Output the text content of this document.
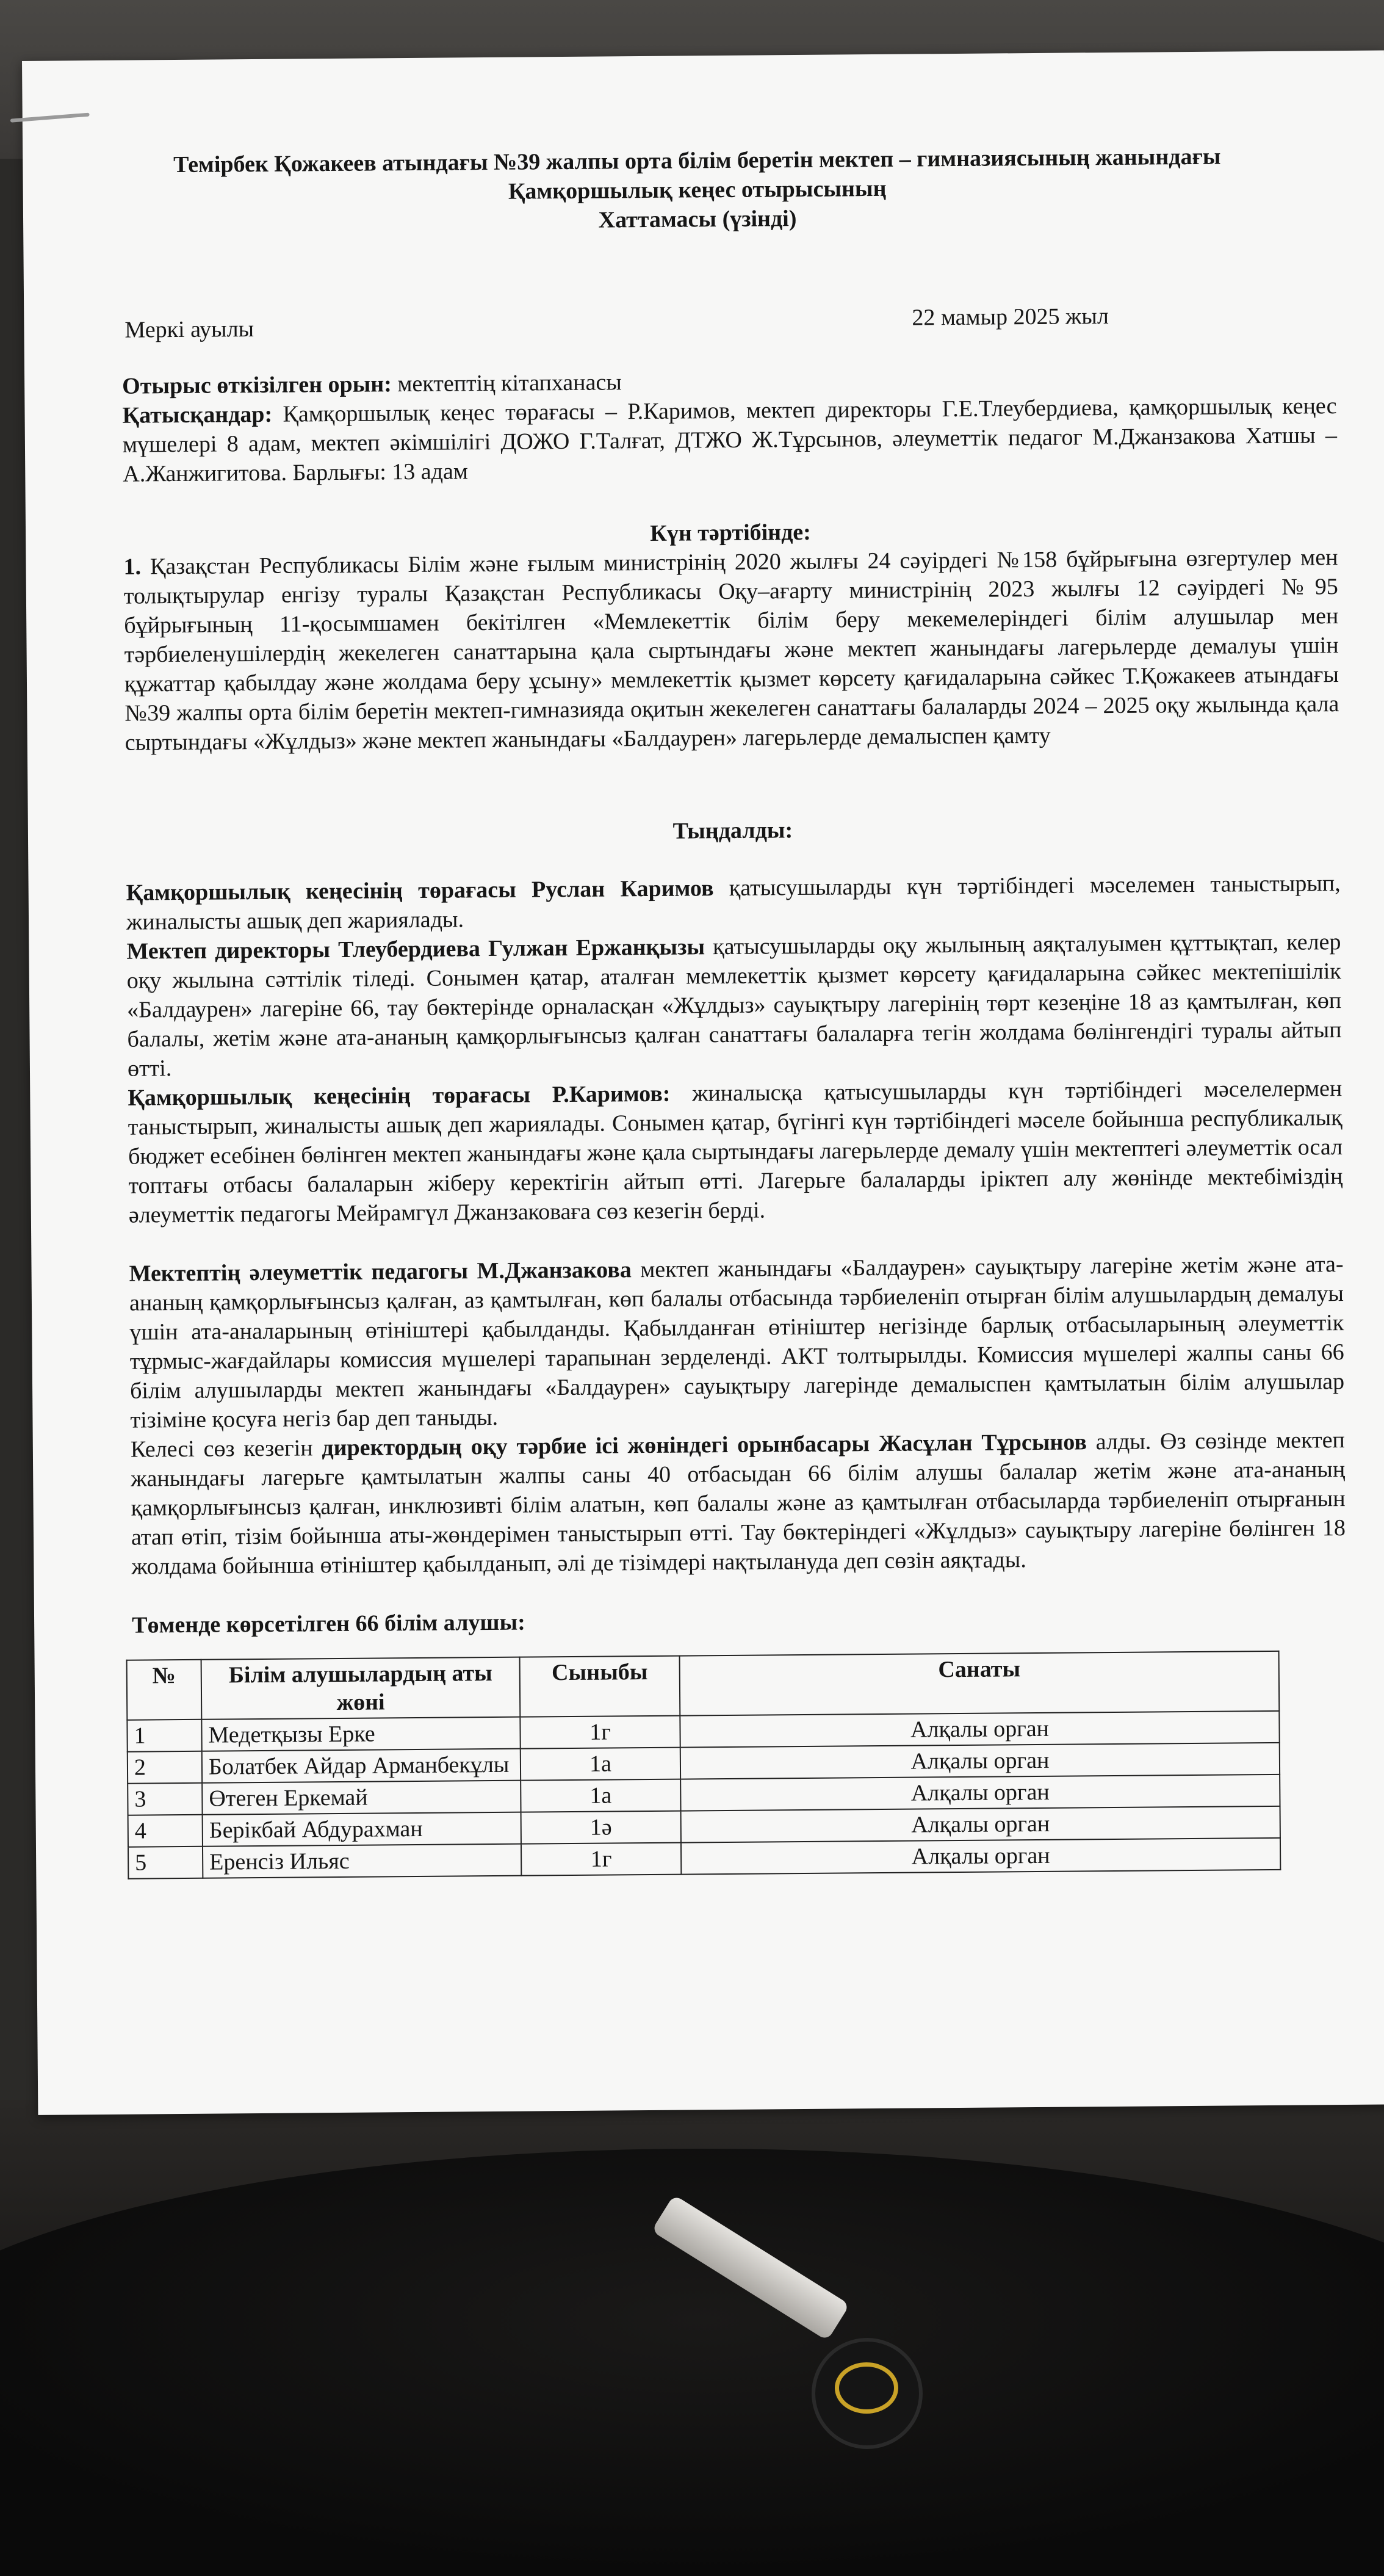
Темірбек Қожакеев атындағы №39 жалпы орта білім беретін мектеп – гимназиясының жанындағы
Қамқоршылық кеңес отырысының
Хаттамасы (үзінді)
Меркі ауылы	22 мамыр 2025 жыл
Отырыс өткізілген орын: мектептің кітапханасы
Қатысқандар: Қамқоршылық кеңес төрағасы – Р.Каримов, мектеп директоры Г.Е.Тлеубердиева, қамқоршылық кеңес мүшелері 8 адам, мектеп әкімшілігі ДОЖО Г.Талғат, ДТЖО Ж.Тұрсынов, әлеуметтік педагог М.Джанзакова Хатшы – А.Жанжигитова. Барлығы: 13 адам
Күн тәртібінде:
1. Қазақстан Республикасы Білім және ғылым министрінің 2020 жылғы 24 сәуірдегі №158 бұйрығына өзгертулер мен толықтырулар енгізу туралы Қазақстан Республикасы Оқу–ағарту министрінің 2023 жылғы 12 сәуірдегі №95 бұйрығының 11-қосымшамен бекітілген «Мемлекеттік білім беру мекемелеріндегі білім алушылар мен тәрбиеленушілердің жекелеген санаттарына қала сыртындағы және мектеп жанындағы лагерьлерде демалуы үшін құжаттар қабылдау және жолдама беру ұсыну» мемлекеттік қызмет көрсету қағидаларына сәйкес Т.Қожакеев атындағы №39 жалпы орта білім беретін мектеп-гимназияда оқитын жекелеген санаттағы балаларды 2024 – 2025 оқу жылында қала сыртындағы «Жұлдыз» және мектеп жанындағы «Балдаурен» лагерьлерде демалыспен қамту
Тыңдалды:
Қамқоршылық кеңесінің төрағасы Руслан Каримов қатысушыларды күн тәртібіндегі мәселемен таныстырып, жиналысты ашық деп жариялады.
Мектеп директоры Тлеубердиева Гулжан Ержанқызы қатысушыларды оқу жылының аяқталуымен құттықтап, келер оқу жылына сәттілік тіледі. Сонымен қатар, аталған мемлекеттік қызмет көрсету қағидаларына сәйкес мектепішілік «Балдаурен» лагеріне 66, тау бөктерінде орналасқан «Жұлдыз» сауықтыру лагерінің төрт кезеңіне 18 аз қамтылған, көп балалы, жетім және ата-ананың қамқорлығынсыз қалған санаттағы балаларға тегін жолдама бөлінгендігі туралы айтып өтті.
Қамқоршылық кеңесінің төрағасы Р.Каримов: жиналысқа қатысушыларды күн тәртібіндегі мәселелермен таныстырып, жиналысты ашық деп жариялады. Сонымен қатар, бүгінгі күн тәртібіндегі мәселе бойынша республикалық бюджет есебінен бөлінген мектеп жанындағы және қала сыртындағы лагерьлерде демалу үшін мектептегі әлеуметтік осал топтағы отбасы балаларын жіберу керектігін айтып өтті. Лагерьге балаларды іріктеп алу жөнінде мектебіміздің әлеуметтік педагогы Мейрамгүл Джанзаковаға сөз кезегін берді.
Мектептің әлеуметтік педагогы М.Джанзакова мектеп жанындағы «Балдаурен» сауықтыру лагеріне жетім және ата-ананың қамқорлығынсыз қалған, аз қамтылған, көп балалы отбасында тәрбиеленіп отырған білім алушылардың демалуы үшін ата-аналарының өтініштері қабылданды. Қабылданған өтініштер негізінде барлық отбасыларының әлеуметтік тұрмыс-жағдайлары комиссия мүшелері тарапынан зерделенді. АКТ толтырылды. Комиссия мүшелері жалпы саны 66 білім алушыларды мектеп жанындағы «Балдаурен» сауықтыру лагерінде демалыспен қамтылатын білім алушылар тізіміне қосуға негіз бар деп таныды.
Келесі сөз кезегін директордың оқу тәрбие ісі жөніндегі орынбасары Жасұлан Тұрсынов алды. Өз сөзінде мектеп жанындағы лагерьге қамтылатын жалпы саны 40 отбасыдан 66 білім алушы балалар жетім және ата-ананың қамқорлығынсыз қалған, инклюзивті білім алатын, көп балалы және аз қамтылған отбасыларда тәрбиеленіп отырғанын атап өтіп, тізім бойынша аты-жөндерімен таныстырып өтті. Тау бөктеріндегі «Жұлдыз» сауықтыру лагеріне бөлінген 18 жолдама бойынша өтініштер қабылданып, әлі де тізімдері нақтылануда деп сөзін аяқтады.
Төменде көрсетілген 66 білім алушы:
№	Білім алушылардың аты жөні	Сыныбы	Санаты
1	Медетқызы Ерке	1г	Алқалы орган
2	Болатбек Айдар Арманбекұлы	1а	Алқалы орган
3	Өтеген Еркемай	1а	Алқалы орган
4	Берікбай Абдурахман	1ә	Алқалы орган
5	Еренсіз Ильяс	1г	Алқалы орган
